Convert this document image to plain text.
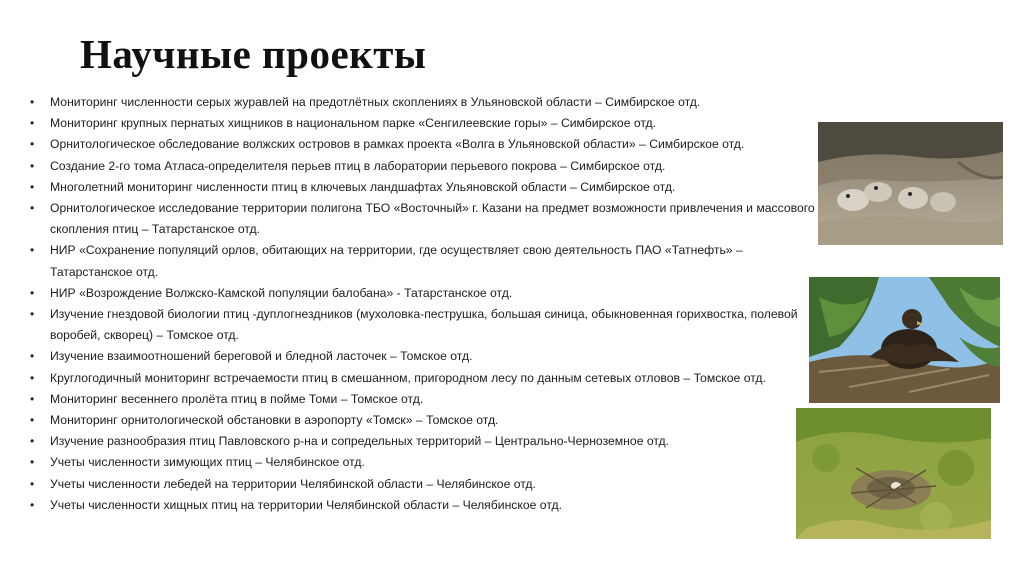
Научные проекты
• Мониторинг численности серых журавлей на предотлётных скоплениях в Ульяновской области – Симбирское отд.
• Мониторинг крупных пернатых хищников в национальном парке «Сенгилеевские горы» – Симбирское отд.
• Орнитологическое обследование волжских островов в рамках проекта «Волга в Ульяновской области» – Симбирское отд.
• Создание 2-го тома Атласа-определителя перьев птиц в лаборатории перьевого покрова – Симбирское отд.
• Многолетний мониторинг численности птиц в ключевых ландшафтах Ульяновской области – Симбирское отд.
• Орнитологическое исследование территории полигона ТБО «Восточный» г. Казани на предмет возможности привлечения и массового скопления птиц – Татарстанское отд.
• НИР «Сохранение популяций орлов, обитающих на территории, где осуществляет свою деятельность ПАО «Татнефть» – Татарстанское отд.
• НИР «Возрождение Волжско-Камской популяции балобана» - Татарстанское отд.
• Изучение гнездовой биологии птиц -дуплогнездников (мухоловка-пеструшка, большая синица, обыкновенная горихвостка, полевой воробей, скворец) – Томское отд.
• Изучение взаимоотношений береговой и бледной ласточек – Томское отд.
• Круглогодичный мониторинг встречаемости птиц в смешанном, пригородном лесу по данным сетевых отловов – Томское отд.
• Мониторинг весеннего пролёта птиц в пойме Томи – Томское отд.
• Мониторинг орнитологической обстановки в аэропорту «Томск» – Томское отд.
• Изучение разнообразия птиц Павловского р-на и сопредельных территорий – Центрально-Черноземное отд.
• Учеты численности зимующих птиц – Челябинское отд.
• Учеты численности лебедей на территории Челябинской области – Челябинское отд.
• Учеты численности хищных птиц на территории Челябинской области – Челябинское отд.
